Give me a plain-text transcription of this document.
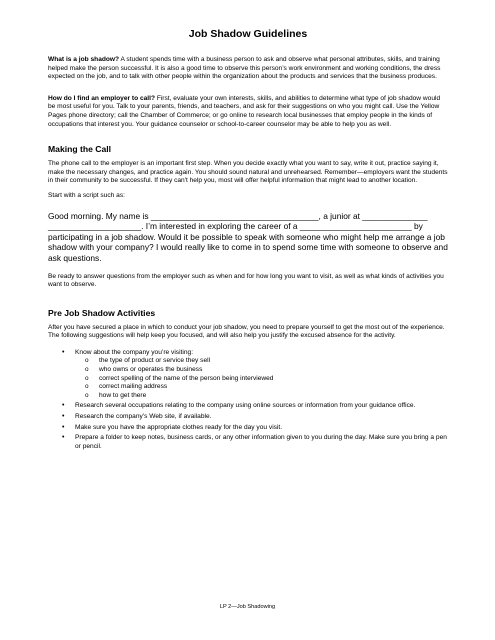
Job Shadow Guidelines

What is a job shadow? A student spends time with a business person to ask and observe what personal attributes, skills, and training helped make the person successful. It is also a good time to observe this person’s work environment and working conditions, the dress expected on the job, and to talk with other people within the organization about the products and services that the business produces.

How do I find an employer to call? First, evaluate your own interests, skills, and abilities to determine what type of job shadow would be most useful for you. Talk to your parents, friends, and teachers, and ask for their suggestions on who you might call. Use the Yellow Pages phone directory; call the Chamber of Commerce; or go online to research local businesses that employ people in the kinds of occupations that interest you. Your guidance counselor or school-to-career counselor may be able to help you as well.

Making the Call

The phone call to the employer is an important first step. When you decide exactly what you want to say, write it out, practice saying it, make the necessary changes, and practice again. You should sound natural and unrehearsed. Remember—employers want the students in their community to be successful. If they can't help you, most will offer helpful information that might lead to another location.

Start with a script such as:

Good morning. My name is ____________________________________, a junior at ______________ ____________________. I’m interested in exploring the career of a ________________________ by participating in a job shadow. Would it be possible to speak with someone who might help me arrange a job shadow with your company? I would really like to come in to spend some time with someone to observe and ask questions.

Be ready to answer questions from the employer such as when and for how long you want to visit, as well as what kinds of activities you want to observe.

Pre Job Shadow Activities

After you have secured a place in which to conduct your job shadow, you need to prepare yourself to get the most out of the experience. The following suggestions will help keep you focused, and will also help you justify the excused absence for the activity.

• Know about the company you’re visiting:
o the type of product or service they sell
o who owns or operates the business
o correct spelling of the name of the person being interviewed
o correct mailing address
o how to get there
• Research several occupations relating to the company using online sources or information from your guidance office.
• Research the company’s Web site, if available.
• Make sure you have the appropriate clothes ready for the day you visit.
• Prepare a folder to keep notes, business cards, or any other information given to you during the day. Make sure you bring a pen or pencil.
LP 2—Job Shadowing
